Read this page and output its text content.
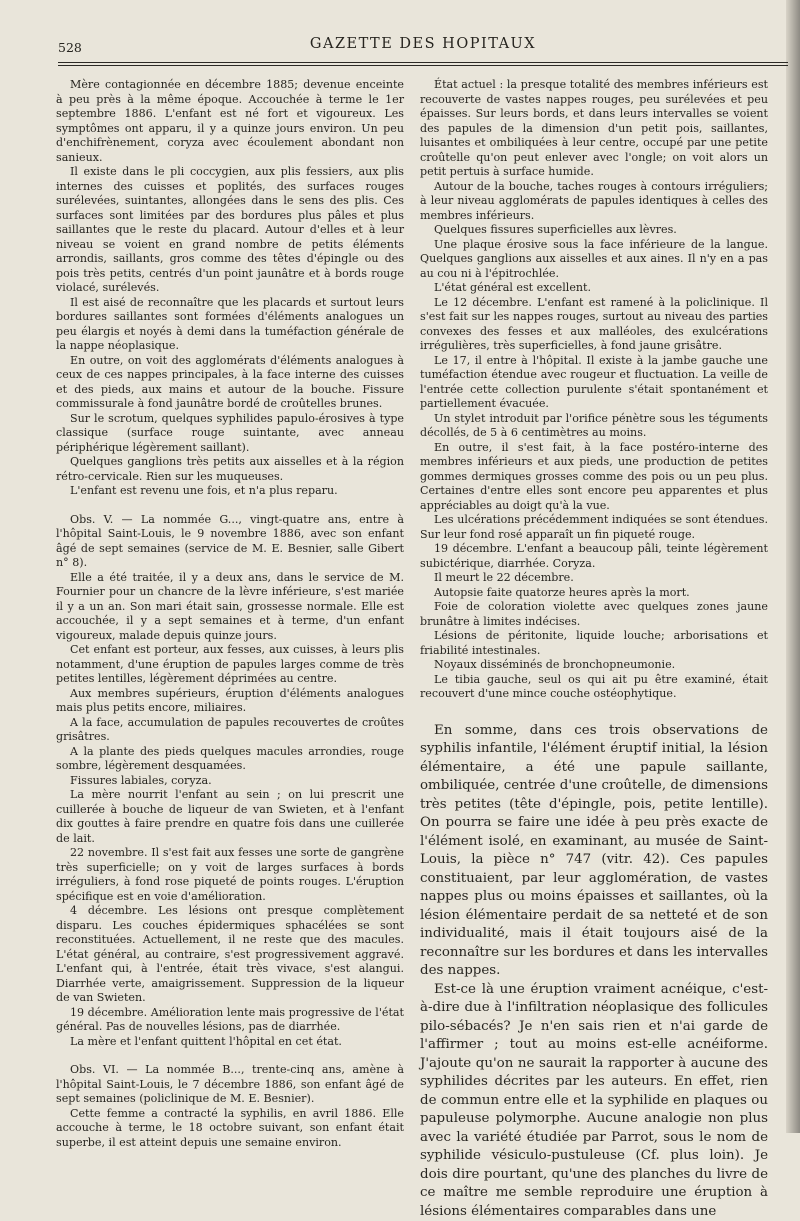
528	GAZETTE DES HOPITAUX

Mère contagionnée en décembre 1885; devenue enceinte à peu près à la même époque. Accouchée à terme le 1er septembre 1886. L'enfant est né fort et vigoureux. Les symptômes ont apparu, il y a quinze jours environ. Un peu d'enchifrènement, coryza avec écoulement abondant non sanieux.

Il existe dans le pli coccygien, aux plis fessiers, aux plis internes des cuisses et poplités, des surfaces rouges surélevées, suintantes, allongées dans le sens des plis. Ces surfaces sont limitées par des bordures plus pâles et plus saillantes que le reste du placard. Autour d'elles et à leur niveau se voient en grand nombre de petits éléments arrondis, saillants, gros comme des têtes d'épingle ou des pois très petits, centrés d'un point jaunâtre et à bords rouge violacé, surélevés.

Il est aisé de reconnaître que les placards et surtout leurs bordures saillantes sont formées d'éléments analogues un peu élargis et noyés à demi dans la tuméfaction générale de la nappe néoplasique.

En outre, on voit des agglomérats d'éléments analogues à ceux de ces nappes principales, à la face interne des cuisses et des pieds, aux mains et autour de la bouche. Fissure commissurale à fond jaunâtre bordé de croûtelles brunes.

Sur le scrotum, quelques syphilides papulo-érosives à type classique (surface rouge suintante, avec anneau périphérique légèrement saillant).

Quelques ganglions très petits aux aisselles et à la région rétro-cervicale. Rien sur les muqueuses.

L'enfant est revenu une fois, et n'a plus reparu.

Obs. V. — La nommée G..., vingt-quatre ans, entre à l'hôpital Saint-Louis, le 9 novembre 1886, avec son enfant âgé de sept semaines (service de M. E. Besnier, salle Gibert n° 8).

Elle a été traitée, il y a deux ans, dans le service de M. Fournier pour un chancre de la lèvre inférieure, s'est mariée il y a un an. Son mari était sain, grossesse normale. Elle est accouchée, il y a sept semaines et à terme, d'un enfant vigoureux, malade depuis quinze jours.

Cet enfant est porteur, aux fesses, aux cuisses, à leurs plis notamment, d'une éruption de papules larges comme de très petites lentilles, légèrement déprimées au centre.

Aux membres supérieurs, éruption d'éléments analogues mais plus petits encore, miliaires.

A la face, accumulation de papules recouvertes de croûtes grisâtres.

A la plante des pieds quelques macules arrondies, rouge sombre, légèrement desquamées.

Fissures labiales, coryza.

La mère nourrit l'enfant au sein ; on lui prescrit une cuillerée à bouche de liqueur de van Swieten, et à l'enfant dix gouttes à faire prendre en quatre fois dans une cuillerée de lait.

22 novembre. Il s'est fait aux fesses une sorte de gangrène très superficielle; on y voit de larges surfaces à bords irréguliers, à fond rose piqueté de points rouges. L'éruption spécifique est en voie d'amélioration.

4 décembre. Les lésions ont presque complètement disparu. Les couches épidermiques sphacélées se sont reconstituées. Actuellement, il ne reste que des macules. L'état général, au contraire, s'est progressivement aggravé. L'enfant qui, à l'entrée, était très vivace, s'est alangui. Diarrhée verte, amaigrissement. Suppression de la liqueur de van Swieten.

19 décembre. Amélioration lente mais progressive de l'état général. Pas de nouvelles lésions, pas de diarrhée.

La mère et l'enfant quittent l'hôpital en cet état.

Obs. VI. — La nommée B..., trente-cinq ans, amène à l'hôpital Saint-Louis, le 7 décembre 1886, son enfant âgé de sept semaines (policlinique de M. E. Besnier).

Cette femme a contracté la syphilis, en avril 1886. Elle accouche à terme, le 18 octobre suivant, son enfant était superbe, il est atteint depuis une semaine environ.

État actuel : la presque totalité des membres inférieurs est recouverte de vastes nappes rouges, peu surélevées et peu épaisses. Sur leurs bords, et dans leurs intervalles se voient des papules de la dimension d'un petit pois, saillantes, luisantes et ombiliquées à leur centre, occupé par une petite croûtelle qu'on peut enlever avec l'ongle; on voit alors un petit pertuis à surface humide.

Autour de la bouche, taches rouges à contours irréguliers; à leur niveau agglomérats de papules identiques à celles des membres inférieurs.

Quelques fissures superficielles aux lèvres.

Une plaque érosive sous la face inférieure de la langue. Quelques ganglions aux aisselles et aux aines. Il n'y en a pas au cou ni à l'épitrochlée.

L'état général est excellent.

Le 12 décembre. L'enfant est ramené à la policlinique. Il s'est fait sur les nappes rouges, surtout au niveau des parties convexes des fesses et aux malléoles, des exulcérations irrégulières, très superficielles, à fond jaune grisâtre.

Le 17, il entre à l'hôpital. Il existe à la jambe gauche une tuméfaction étendue avec rougeur et fluctuation. La veille de l'entrée cette collection purulente s'était spontanément et partiellement évacuée.

Un stylet introduit par l'orifice pénètre sous les téguments décollés, de 5 à 6 centimètres au moins.

En outre, il s'est fait, à la face postéro-interne des membres inférieurs et aux pieds, une production de petites gommes dermiques grosses comme des pois ou un peu plus. Certaines d'entre elles sont encore peu apparentes et plus appréciables au doigt qu'à la vue.

Les ulcérations précédemment indiquées se sont étendues. Sur leur fond rosé apparaît un fin piqueté rouge.

19 décembre. L'enfant a beaucoup pâli, teinte légèrement subictérique, diarrhée. Coryza.

Il meurt le 22 décembre.

Autopsie faite quatorze heures après la mort.

Foie de coloration violette avec quelques zones jaune brunâtre à limites indécises.

Lésions de péritonite, liquide louche; arborisations et friabilité intestinales.

Noyaux disséminés de bronchopneumonie.

Le tibia gauche, seul os qui ait pu être examiné, était recouvert d'une mince couche ostéophytique.

En somme, dans ces trois observations de syphilis infantile, l'élément éruptif initial, la lésion élémentaire, a été une papule saillante, ombiliquée, centrée d'une croûtelle, de dimensions très petites (tête d'épingle, pois, petite lentille). On pourra se faire une idée à peu près exacte de l'élément isolé, en examinant, au musée de Saint-Louis, la pièce n° 747 (vitr. 42). Ces papules constituaient, par leur agglomération, de vastes nappes plus ou moins épaisses et saillantes, où la lésion élémentaire perdait de sa netteté et de son individualité, mais il était toujours aisé de la reconnaître sur les bordures et dans les intervalles des nappes.

Est-ce là une éruption vraiment acnéique, c'est-à-dire due à l'infiltration néoplasique des follicules pilo-sébacés? Je n'en sais rien et n'ai garde de l'affirmer ; tout au moins est-elle acnéiforme. J'ajoute qu'on ne saurait la rapporter à aucune des syphilides décrites par les auteurs. En effet, rien de commun entre elle et la syphilide en plaques ou papuleuse polymorphe. Aucune analogie non plus avec la variété étudiée par Parrot, sous le nom de syphilide vésiculo-pustuleuse (Cf. plus loin). Je dois dire pourtant, qu'une des planches du livre de ce maître me semble reproduire une éruption à lésions élémentaires comparables dans une
